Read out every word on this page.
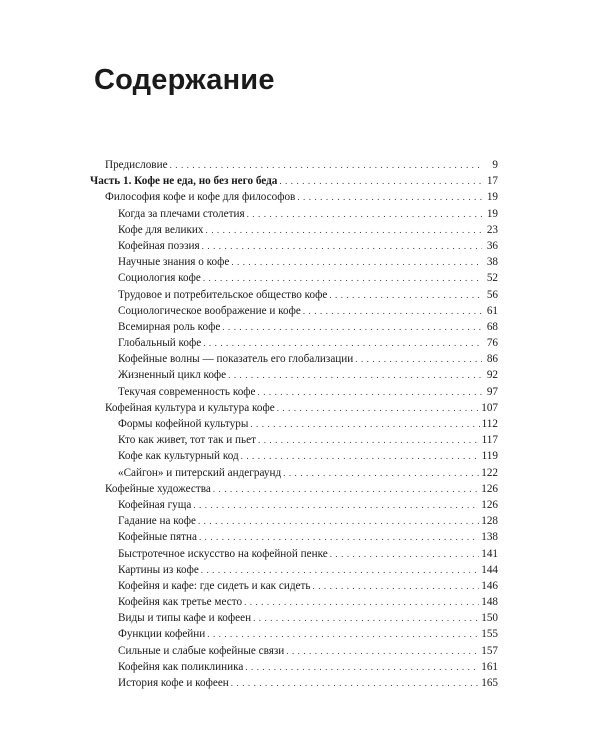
Содержание
Предисловие . . .	9
Часть 1. Кофе не еда, но без него беда . . .	17
Философия кофе и кофе для философов . . .	19
Когда за плечами столетия . . .	19
Кофе для великих . . .	23
Кофейная поэзия . . .	36
Научные знания о кофе . . .	38
Социология кофе . . .	52
Трудовое и потребительское общество кофе . . .	56
Социологическое воображение и кофе . . .	61
Всемирная роль кофе . . .	68
Глобальный кофе . . .	76
Кофейные волны — показатель его глобализации . . .	86
Жизненный цикл кофе . . .	92
Текучая современность кофе . . .	97
Кофейная культура и культура кофе . . .	107
Формы кофейной культуры . . .	112
Кто как живет, тот так и пьет . . .	117
Кофе как культурный код . . .	119
«Сайгон» и питерский андеграунд . . .	122
Кофейные художества . . .	126
Кофейная гуща . . .	126
Гадание на кофе . . .	128
Кофейные пятна . . .	138
Быстротечное искусство на кофейной пенке . . .	141
Картины из кофе . . .	144
Кофейня и кафе: где сидеть и как сидеть . . .	146
Кофейня как третье место . . .	148
Виды и типы кафе и кофеен . . .	150
Функции кофейни . . .	155
Сильные и слабые кофейные связи . . .	157
Кофейня как поликлиника . . .	161
История кофе и кофеен . . .	165
